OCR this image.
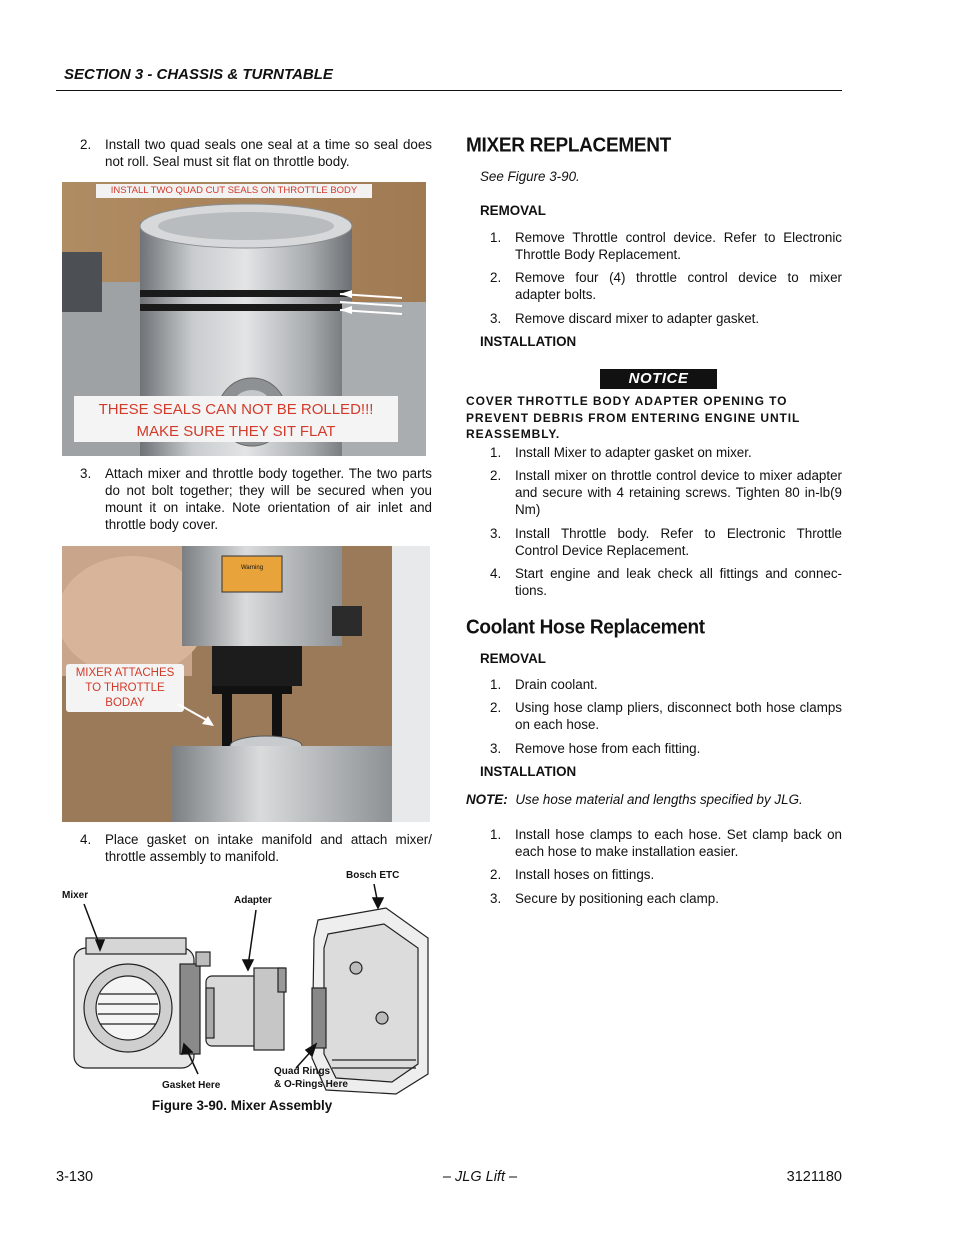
SECTION 3 - CHASSIS & TURNTABLE
2. Install two quad seals one seal at a time so seal does not roll. Seal must sit flat on throttle body.
INSTALL TWO QUAD CUT SEALS ON THROTTLE BODY
THESE SEALS CAN NOT BE ROLLED!!!
MAKE SURE THEY SIT FLAT
3. Attach mixer and throttle body together. The two parts do not bolt together; they will be secured when you mount it on intake. Note orientation of air inlet and throttle body cover.
Warning
MIXER ATTACHES
TO THROTTLE
BODAY
4. Place gasket on intake manifold and attach mixer/ throttle assembly to manifold.
Mixer	Adapter
Bosch ETC
Gasket Here
Quad Rings
& O-Rings Here
Figure 3-90. Mixer Assembly
MIXER REPLACEMENT
See Figure 3-90.
REMOVAL
1. Remove Throttle control device. Refer to Electronic Throttle Body Replacement.
2. Remove four (4) throttle control device to mixer adapter bolts.
3. Remove discard mixer to adapter gasket.
INSTALLATION
NOTICE
COVER THROTTLE BODY ADAPTER OPENING TO PREVENT DEBRIS FROM ENTERING ENGINE UNTIL REASSEMBLY.
1. Install Mixer to adapter gasket on mixer.
2. Install mixer on throttle control device to mixer adapter and secure with 4 retaining screws. Tighten 80 in-lb(9 Nm)
3. Install Throttle body. Refer to Electronic Throttle Control Device Replacement.
4. Start engine and leak check all fittings and connec- tions.
Coolant Hose Replacement
REMOVAL
1. Drain coolant.
2. Using hose clamp pliers, disconnect both hose clamps on each hose.
3. Remove hose from each fitting.
INSTALLATION
NOTE: Use hose material and lengths specified by JLG.
1. Install hose clamps to each hose. Set clamp back on each hose to make installation easier.
2. Install hoses on fittings.
3. Secure by positioning each clamp.
3-130	– JLG Lift –	3121180
